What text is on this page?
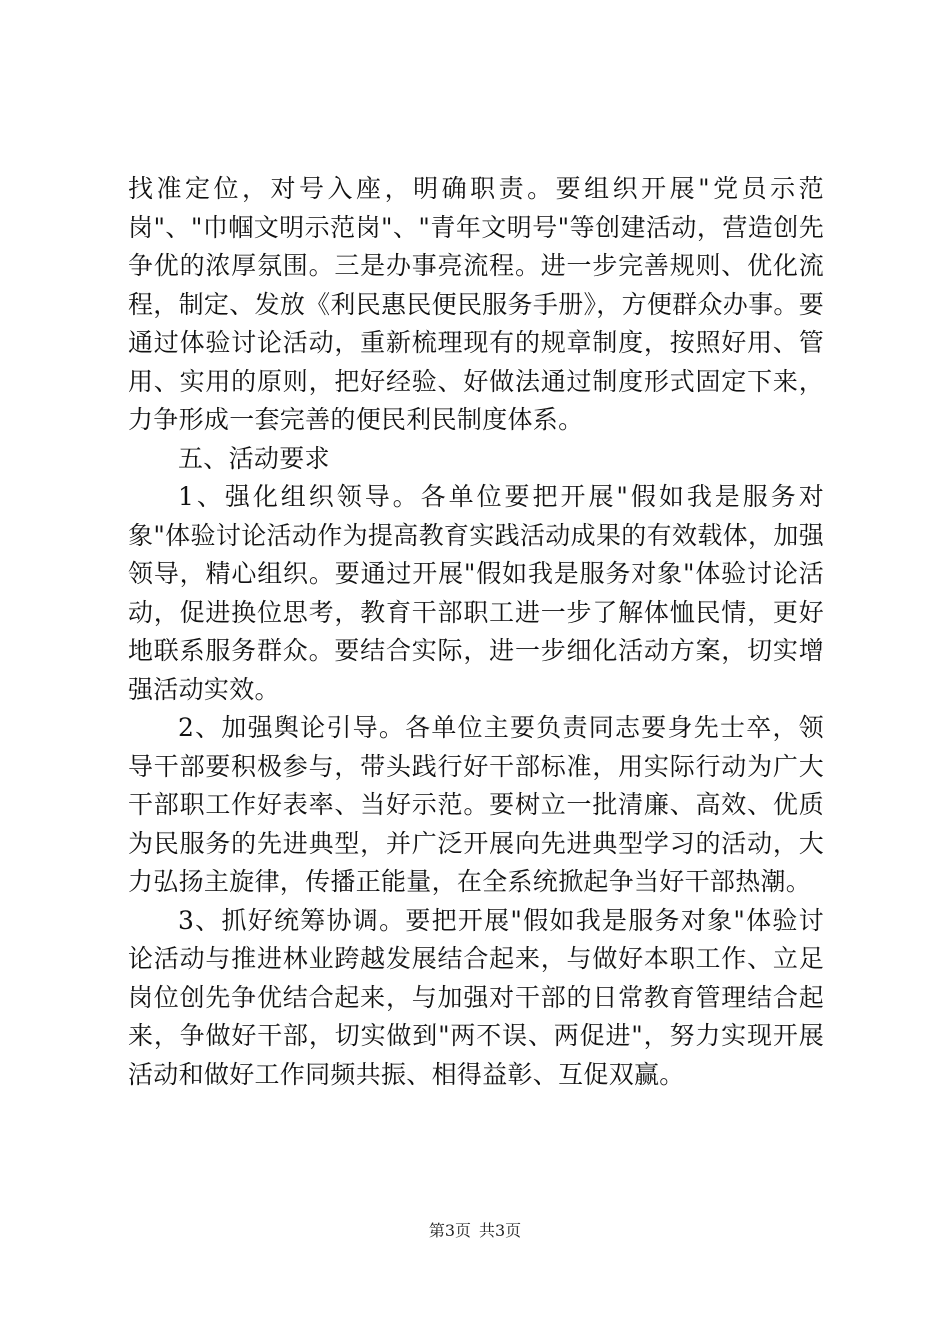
找准定位，对号入座，明确职责。要组织开展"党员示范岗"、"巾帼文明示范岗"、"青年文明号"等创建活动，营造创先争优的浓厚氛围。三是办事亮流程。进一步完善规则、优化流程，制定、发放《利民惠民便民服务手册》，方便群众办事。要通过体验讨论活动，重新梳理现有的规章制度，按照好用、管用、实用的原则，把好经验、好做法通过制度形式固定下来，力争形成一套完善的便民利民制度体系。

五、活动要求

1、强化组织领导。各单位要把开展"假如我是服务对象"体验讨论活动作为提高教育实践活动成果的有效载体，加强领导，精心组织。要通过开展"假如我是服务对象"体验讨论活动，促进换位思考，教育干部职工进一步了解体恤民情，更好地联系服务群众。要结合实际，进一步细化活动方案，切实增强活动实效。

2、加强舆论引导。各单位主要负责同志要身先士卒，领导干部要积极参与，带头践行好干部标准，用实际行动为广大干部职工作好表率、当好示范。要树立一批清廉、高效、优质为民服务的先进典型，并广泛开展向先进典型学习的活动，大力弘扬主旋律，传播正能量，在全系统掀起争当好干部热潮。

3、抓好统筹协调。要把开展"假如我是服务对象"体验讨论活动与推进林业跨越发展结合起来，与做好本职工作、立足岗位创先争优结合起来，与加强对干部的日常教育管理结合起来，争做好干部，切实做到"两不误、两促进"，努力实现开展活动和做好工作同频共振、相得益彰、互促双赢。

第3页 共3页
